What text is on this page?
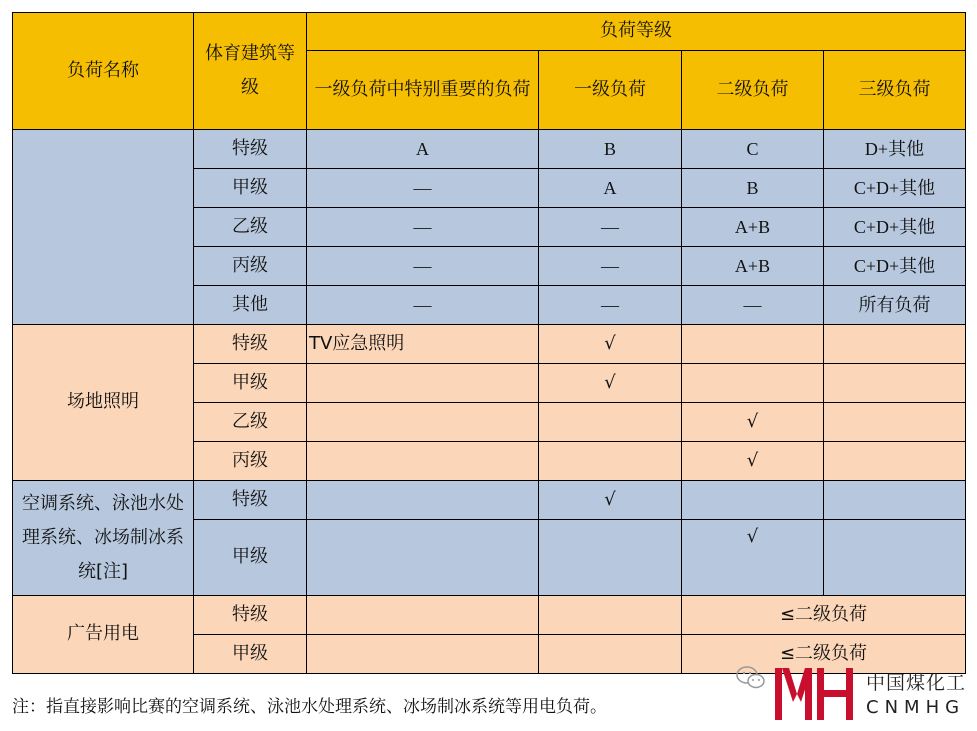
负荷名称	体育建筑等级	负荷等级			
		一级负荷中特别重要的负荷	一级负荷	二级负荷	三级负荷
	特级	A	B	C	D+其他
	甲级	—	A	B	C+D+其他
	乙级	—	—	A+B	C+D+其他
	丙级	—	—	A+B	C+D+其他
	其他	—	—	—	所有负荷
场地照明	特级	TV应急照明	√		
	甲级		√		
	乙级			√	
	丙级			√	
空调系统、泳池水处理系统、冰场制冰系统[注]	特级		√		
	甲级			√	
广告用电	特级			≤二级负荷	
	甲级			≤二级负荷	
注：指直接影响比赛的空调系统、泳池水处理系统、冰场制冰系统等用电负荷。
中国煤化工
CNMHG
